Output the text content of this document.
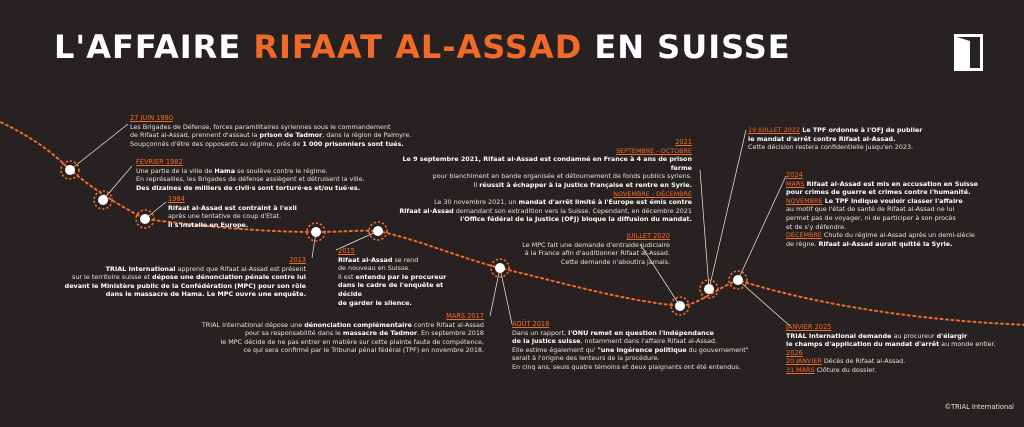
L'AFFAIRE RIFAAT AL-ASSAD EN SUISSE
27 JUIN 1980
Les Brigades de Défense, forces paramilitaires syriennes sous le commandement
de Rifaat al-Assad, prennent d'assaut la prison de Tadmor, dans la région de Palmyre.
Soupçonnés d'être des opposants au régime, près de 1 000 prisonniers sont tués.
FÉVRIER 1982
Une partie de la ville de Hama se soulève contre le régime.
En représailles, les Brigades de défense assiègent et détruisent la ville.
Des dizaines de milliers de civil·s sont torturé·es et/ou tué·es.
1984
Rifaat al-Assad est contraint à l'exil
après une tentative de coup d'Etat.
Il s'installe en Europe.
2013
TRIAL International apprend que Rifaat al-Assad est présent
sur le territoire suisse et dépose une dénonciation pénale contre lui
devant le Ministère public de la Confédération (MPC) pour son rôle
dans le massacre de Hama. Le MPC ouvre une enquête.
2015
Rifaat al-Assad se rend
de nouveau en Suisse.
Il est entendu par le procureur
dans le cadre de l'enquête et décide
de garder le silence.
MARS 2017
TRIAL International dépose une dénonciation complémentaire contre Rifaat al-Assad
pour sa responsabilité dans le massacre de Tadmor. En septembre 2018
le MPC décide de ne pas entrer en matière sur cette plainte faute de compétence,
ce qui sera confirmé par le Tribunal pénal fédéral (TPF) en novembre 2018.
AOÛT 2018
Dans un rapport, l'ONU remet en question l'indépendance
de la justice suisse, notamment dans l'affaire Rifaat al-Assad.
Elle estime également qu' "une ingérence politique du gouvernement"
serait à l'origine des lenteurs de la procédure.
En cinq ans, seuls quatre témoins et deux plaignants ont été entendus.
JUILLET 2020
Le MPC fait une demande d'entraide judiciaire
à la France afin d'auditionner Rifaat al-Assad.
Cette demande n'aboutira jamais.
2021
SEPTEMBRE - OCTOBRE
Le 9 septembre 2021, Rifaat al-Assad est condamné en France à 4 ans de prison ferme
pour blanchiment en bande organisée et détournement de fonds publics syriens.
Il réussit à échapper à la justice française et rentre en Syrie.
NOVEMBRE - DÉCEMBRE
Le 30 novembre 2021, un mandat d'arrêt limité à l'Europe est émis contre
Rifaat al-Assad demandant son extradition vers la Suisse. Cependant, en décembre 2021
l'Office fédéral de la Justice (OFJ) bloque la diffusion du mandat.
19 JUILLET 2022 Le TPF ordonne à l'OFJ de publier
le mandat d'arrêt contre Rifaat al-Assad.
Cette décision restera confidentielle jusqu'en 2023.
2024
MARS Rifaat al-Assad est mis en accusation en Suisse
pour crimes de guerre et crimes contre l'humanité.
NOVEMBRE Le TPF indique vouloir classer l'affaire
au motif que l'état de santé de Rifaat al-Assad ne lui
permet pas de voyager, ni de participer à son procès
et de s'y défendre.
DÉCEMBRE Chute du régime al-Assad après un demi-siècle
de règne. Rifaat al-Assad aurait quitté la Syrie.
JANVIER 2025
TRIAL International demande au procureur d'élargir
le champs d'application du mandat d'arrêt au monde entier.
2026
20 JANVIER Décès de Rifaat al-Assad.
31 MARS Clôture du dossier.
©TRIAL International
